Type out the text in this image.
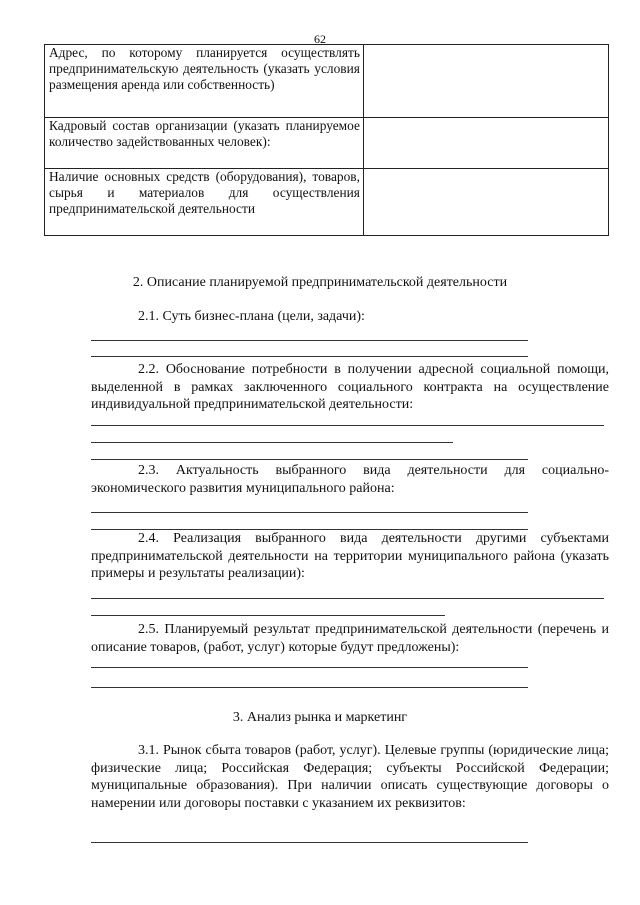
62
Адрес, по которому планируется осуществлять предпринимательскую деятельность (указать условия размещения аренда или собственность)	
Кадровый состав организации (указать планируемое количество задействованных человек):	
Наличие основных средств (оборудования), товаров, сырья и материалов для осуществления предпринимательской деятельности	
2. Описание планируемой предпринимательской деятельности
2.1. Суть бизнес-плана (цели, задачи):
2.2. Обоснование потребности в получении адресной социальной помощи, выделенной в рамках заключенного социального контракта на осуществление индивидуальной предпринимательской деятельности:
2.3. Актуальность выбранного вида деятельности для социально-экономического развития муниципального района:
2.4. Реализация выбранного вида деятельности другими субъектами предпринимательской деятельности на территории муниципального района (указать примеры и результаты реализации):
2.5. Планируемый результат предпринимательской деятельности (перечень и описание товаров, (работ, услуг) которые будут предложены):
3. Анализ рынка и маркетинг
3.1. Рынок сбыта товаров (работ, услуг). Целевые группы (юридические лица; физические лица; Российская Федерация; субъекты Российской Федерации; муниципальные образования). При наличии описать существующие договоры о намерении или договоры поставки с указанием их реквизитов:
